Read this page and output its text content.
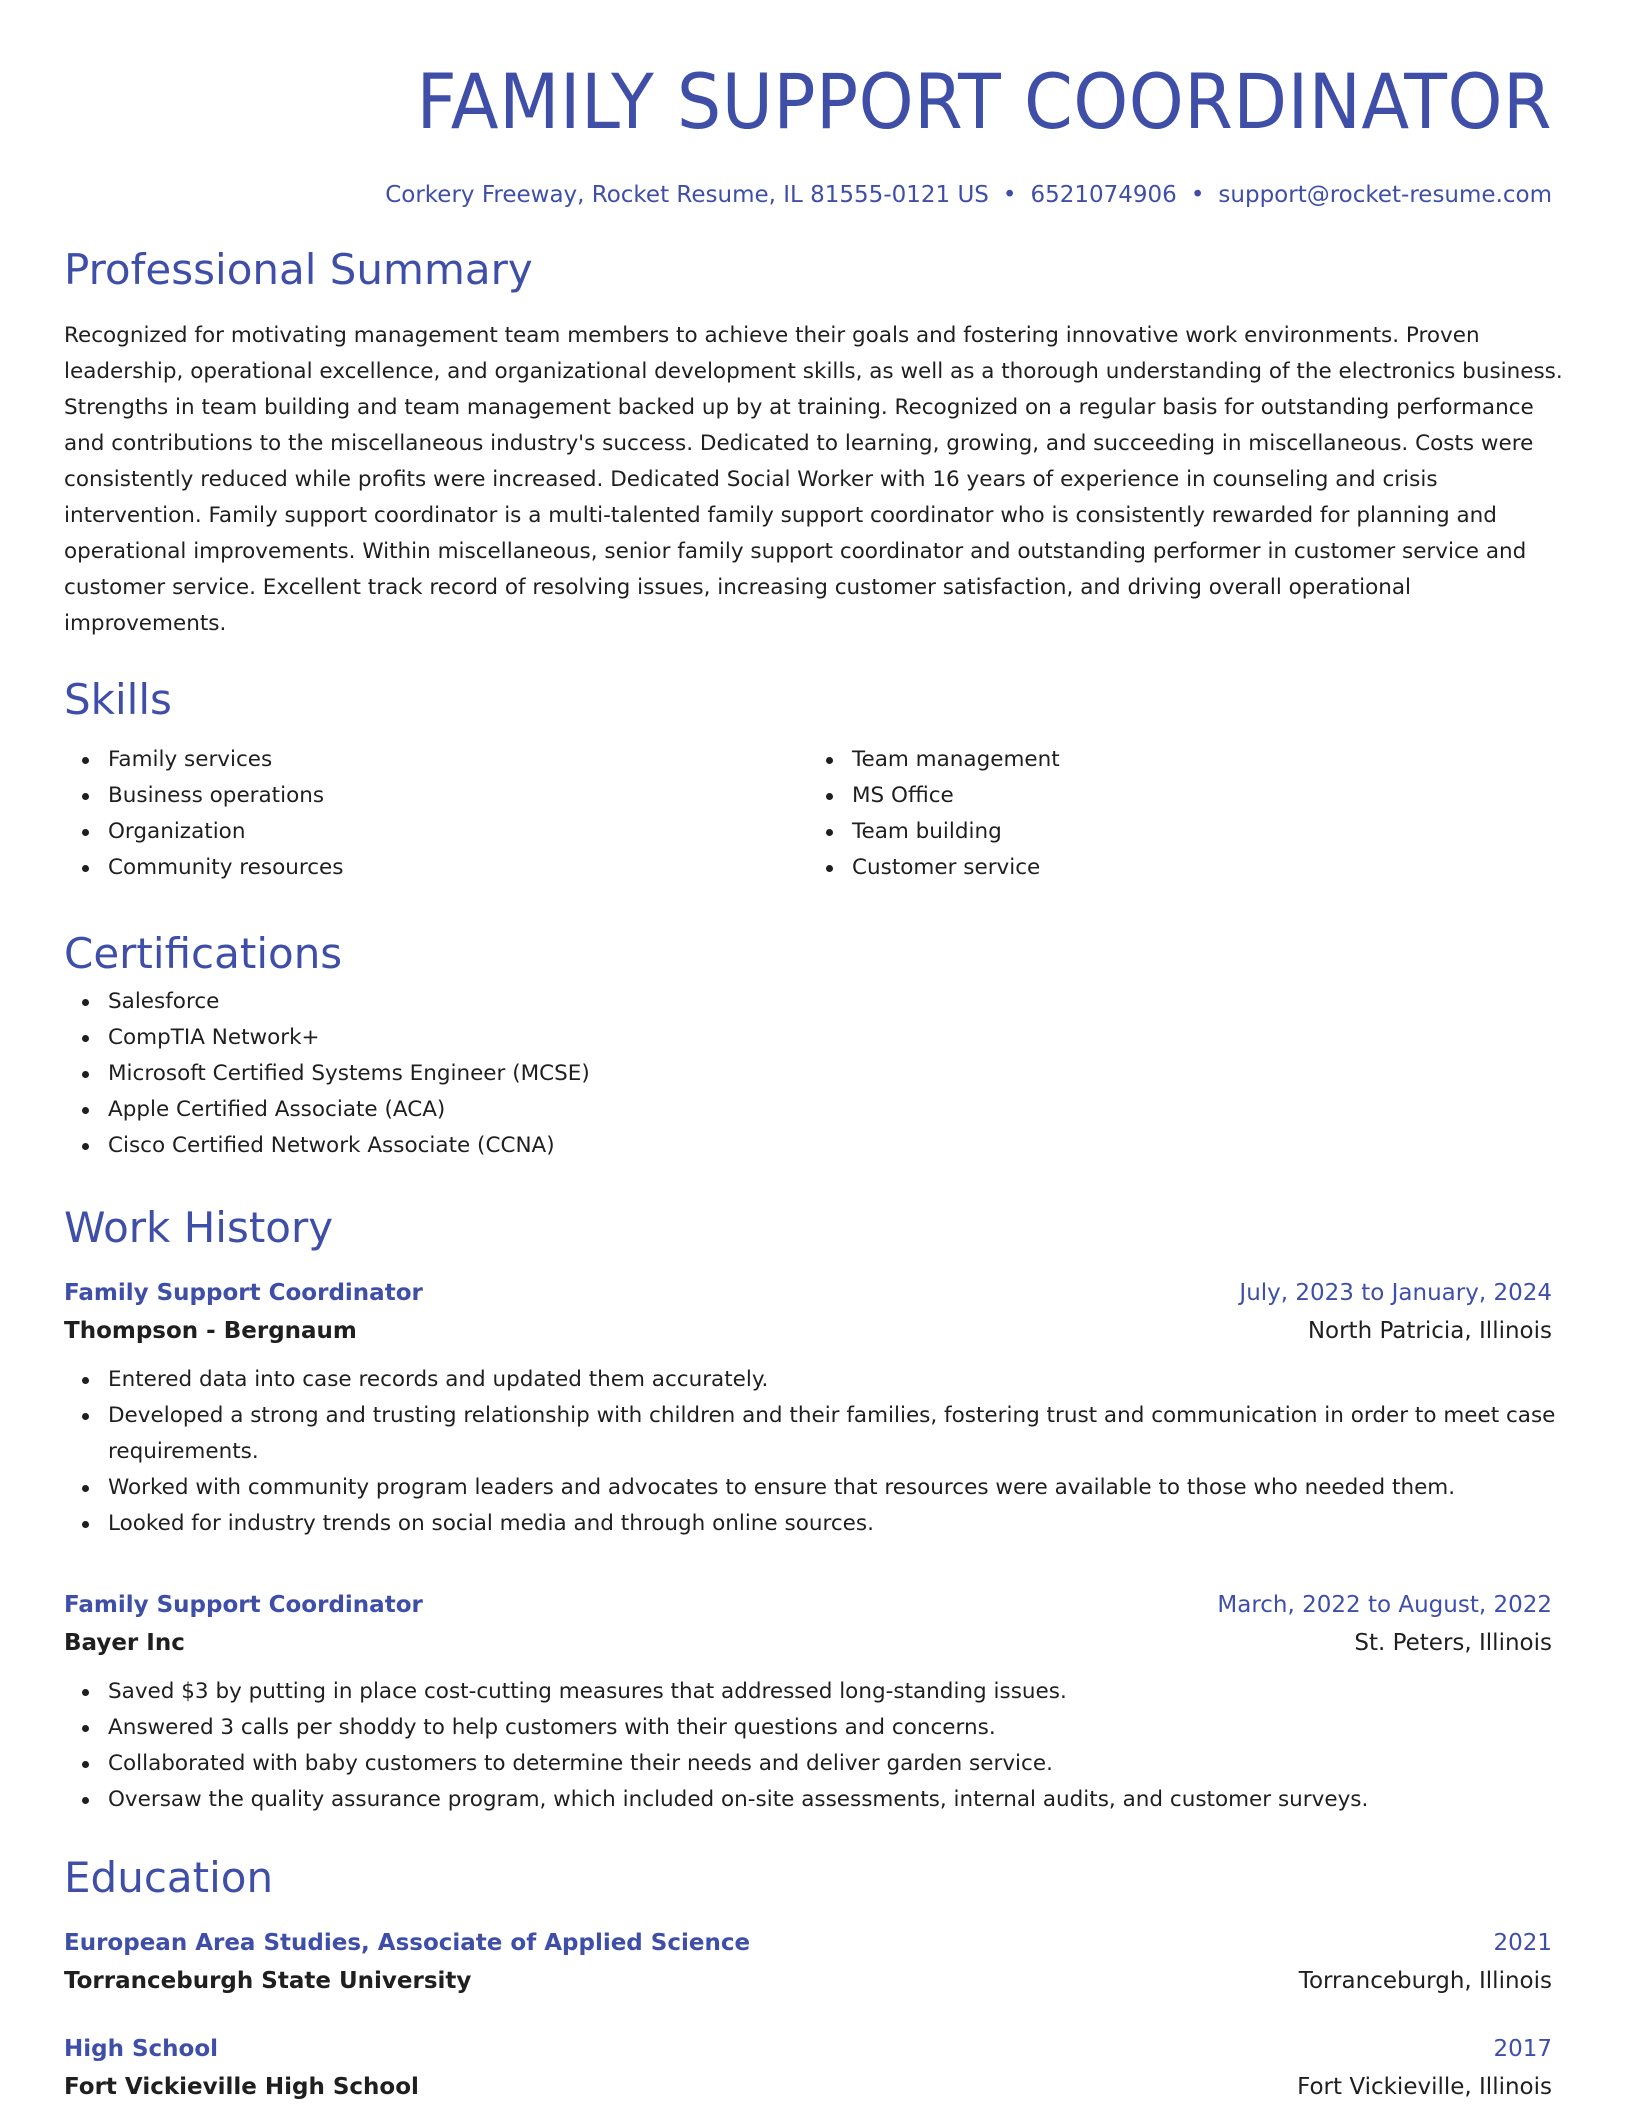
FAMILY SUPPORT COORDINATOR
Corkery Freeway, Rocket Resume, IL 81555-0121 US • 6521074906 • support@rocket-resume.com
Professional Summary

Recognized for motivating management team members to achieve their goals and fostering innovative work environments. Proven leadership, operational excellence, and organizational development skills, as well as a thorough understanding of the electronics business. Strengths in team building and team management backed up by at training. Recognized on a regular basis for outstanding performance and contributions to the miscellaneous industry's success. Dedicated to learning, growing, and succeeding in miscellaneous. Costs were consistently reduced while profits were increased. Dedicated Social Worker with 16 years of experience in counseling and crisis intervention. Family support coordinator is a multi-talented family support coordinator who is consistently rewarded for planning and operational improvements. Within miscellaneous, senior family support coordinator and outstanding performer in customer service and customer service. Excellent track record of resolving issues, increasing customer satisfaction, and driving overall operational improvements.

Skills
Family services
Business operations
Organization
Community resources
Team management
MS Office
Team building
Customer service
Certifications
Salesforce
CompTIA Network+
Microsoft Certified Systems Engineer (MCSE)
Apple Certified Associate (ACA)
Cisco Certified Network Associate (CCNA)
Work History
Family Support Coordinator	July, 2023 to January, 2024
Thompson - Bergnaum	North Patricia, Illinois
Entered data into case records and updated them accurately.
Developed a strong and trusting relationship with children and their families, fostering trust and communication in order to meet case requirements.
Worked with community program leaders and advocates to ensure that resources were available to those who needed them.
Looked for industry trends on social media and through online sources.
Family Support Coordinator	March, 2022 to August, 2022
Bayer Inc	St. Peters, Illinois
Saved $3 by putting in place cost-cutting measures that addressed long-standing issues.
Answered 3 calls per shoddy to help customers with their questions and concerns.
Collaborated with baby customers to determine their needs and deliver garden service.
Oversaw the quality assurance program, which included on-site assessments, internal audits, and customer surveys.
Education
European Area Studies, Associate of Applied Science	2021
Torranceburgh State University	Torranceburgh, Illinois
High School	2017
Fort Vickieville High School	Fort Vickieville, Illinois
